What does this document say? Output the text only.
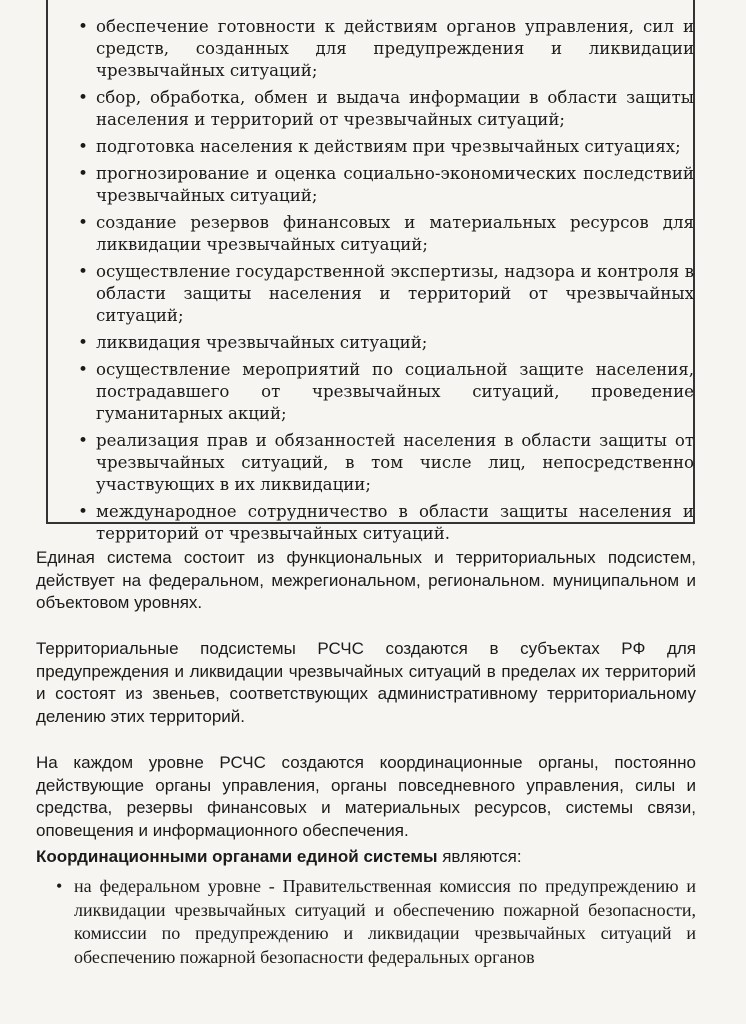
• обеспечение готовности к действиям органов управления, сил и средств, созданных для предупреждения и ликвидации чрезвычайных ситуаций;
• сбор, обработка, обмен и выдача информации в области защиты населения и территорий от чрезвычайных ситуаций;
• подготовка населения к действиям при чрезвычайных ситуациях;
• прогнозирование и оценка социально-экономических последствий чрезвычайных ситуаций;
• создание резервов финансовых и материальных ресурсов для ликвидации чрезвычайных ситуаций;
• осуществление государственной экспертизы, надзора и контроля в области защиты населения и территорий от чрезвычайных ситуаций;
• ликвидация чрезвычайных ситуаций;
• осуществление мероприятий по социальной защите населения, пострадавшего от чрезвычайных ситуаций, проведение гуманитарных акций;
• реализация прав и обязанностей населения в области защиты от чрезвычайных ситуаций, в том числе лиц, непосредственно участвующих в их ликвидации;
• международное сотрудничество в области защиты населения и территорий от чрезвычайных ситуаций.

Единая система состоит из функциональных и территориальных подсистем, действует на федеральном, межрегиональном, региональном. муниципальном и объектовом уровнях.

Территориальные подсистемы РСЧС создаются в субъектах РФ для предупреждения и ликвидации чрезвычайных ситуаций в пределах их территорий и состоят из звеньев, соответствующих административному территориальному делению этих территорий.

На каждом уровне РСЧС создаются координационные органы, постоянно действующие органы управления, органы повседневного управления, силы и средства, резервы финансовых и материальных ресурсов, системы связи, оповещения и информационного обеспечения.

Координационными органами единой системы являются:

• на федеральном уровне - Правительственная комиссия по предупреждению и ликвидации чрезвычайных ситуаций и обеспечению пожарной безопасности, комиссии по предупреждению и ликвидации чрезвычайных ситуаций и обеспечению пожарной безопасности федеральных органов
